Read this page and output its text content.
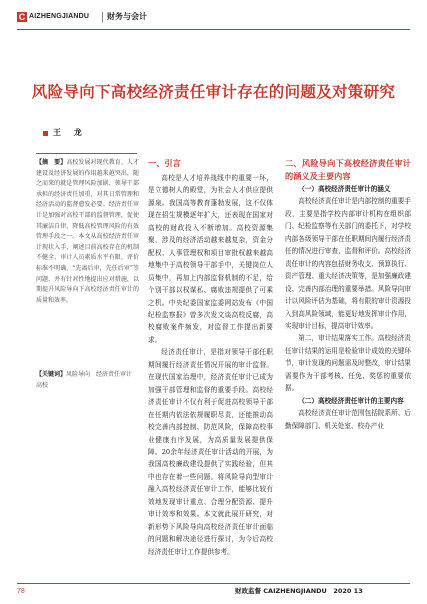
C AIZHENGJIANDU 财务与会计
风险导向下高校经济责任审计存在的问题及对策研究
王 龙
【摘　要】高校发展对现代教育、人才建设及经济发展的作用越来越突出，随之而来的就是管理风险加剧，领导干部承担的经济责任加重，对其日常管理和经济活动的监督愈发必要。经济责任审计是加强对高校干部的监督管理，促使其廉洁自律，降低高校管理风险的有效管理手段之一。本文从高校经济责任审计现状入手，阐述目前高校存在的机制不健全、审计人员素质水平有限、评价标准不明确、“先离后审，先任后审”等问题，并有针对性地提出应对措施，以期提升风险导向下高校经济责任审计的质量和效率。
【关键词】风险导向　经济责任审计　高校
一、引言

高校是人才培养战线中的重要一环，是立德树人的殿堂，为社会人才供应提供源泉。我国高等教育蓬勃发展，这不仅体现在招生规模逐年扩大，还表现在国家对高校的财政投入不断增加。高校资源集聚，涉及的经济活动越来越复杂，资金分配权、人事管理权和项目审批权越来越高地集中于高校领导干部手中，关键岗位人员集中，再加上内部监督机制的不足，给个别干部以权谋私、腐败违规提供了可乘之机。中央纪委国家监委网站发布《中国纪检监察报》曾多次发文谈高校反腐，高校腐败案件频发，对监督工作提出新要求。

经济责任审计，是指对领导干部任职期间履行经济责任情况开展的审计监督。在现代国家治理中，经济责任审计已成为加强干部管理和监督的重要手段。高校经济责任审计不仅有利于促进高校领导干部在任期内依法依规履职尽责，还能推动高校完善内部控制、防范风险，保障高校事业健康有序发展，为高质量发展提供保障。20余年经济责任审计活动的开展，为我国高校廉政建设提供了实践经验，但其中也存在着一些问题。将风险导向型审计融入高校经济责任审计工作，能够比较有效地发现审计重点、合理分配资源、提升审计效率和效果。本文就此展开研究，对新形势下风险导向高校经济责任审计面临的问题和解决途径进行探讨，为今后高校经济责任审计工作提供参考。

二、风险导向下高校经济责任审计的涵义及主要内容
（一）高校经济责任审计的涵义

高校经济责任审计是内部控制的重要手段，主要是指学校内部审计机构在组织部门、纪检监察等有关部门的委托下，对学校内部各级领导干部在任职期间内履行经济责任的情况进行审查、监督和评价。高校经济责任审计的内容包括财务收支、预算执行、资产管理、重大经济决策等，是加强廉政建设、完善内部治理的重要举措。风险导向审计以风险评估为基础，将有限的审计资源投入到高风险领域，能更好地发挥审计作用，实现审计目标，提高审计效率。

第二，审计结果落实工作。高校经济责任审计结果的运用是检验审计成效的关键环节，审计发现的问题需及时整改，审计结果需要作为干部考核、任免、奖惩的重要依据。

（二）高校经济责任审计的主要内容

高校经济责任审计范围包括院系所、后勤保障部门、机关处室、校办产业

78	财政监督 CAIZHENGJIANDU　2020 13
